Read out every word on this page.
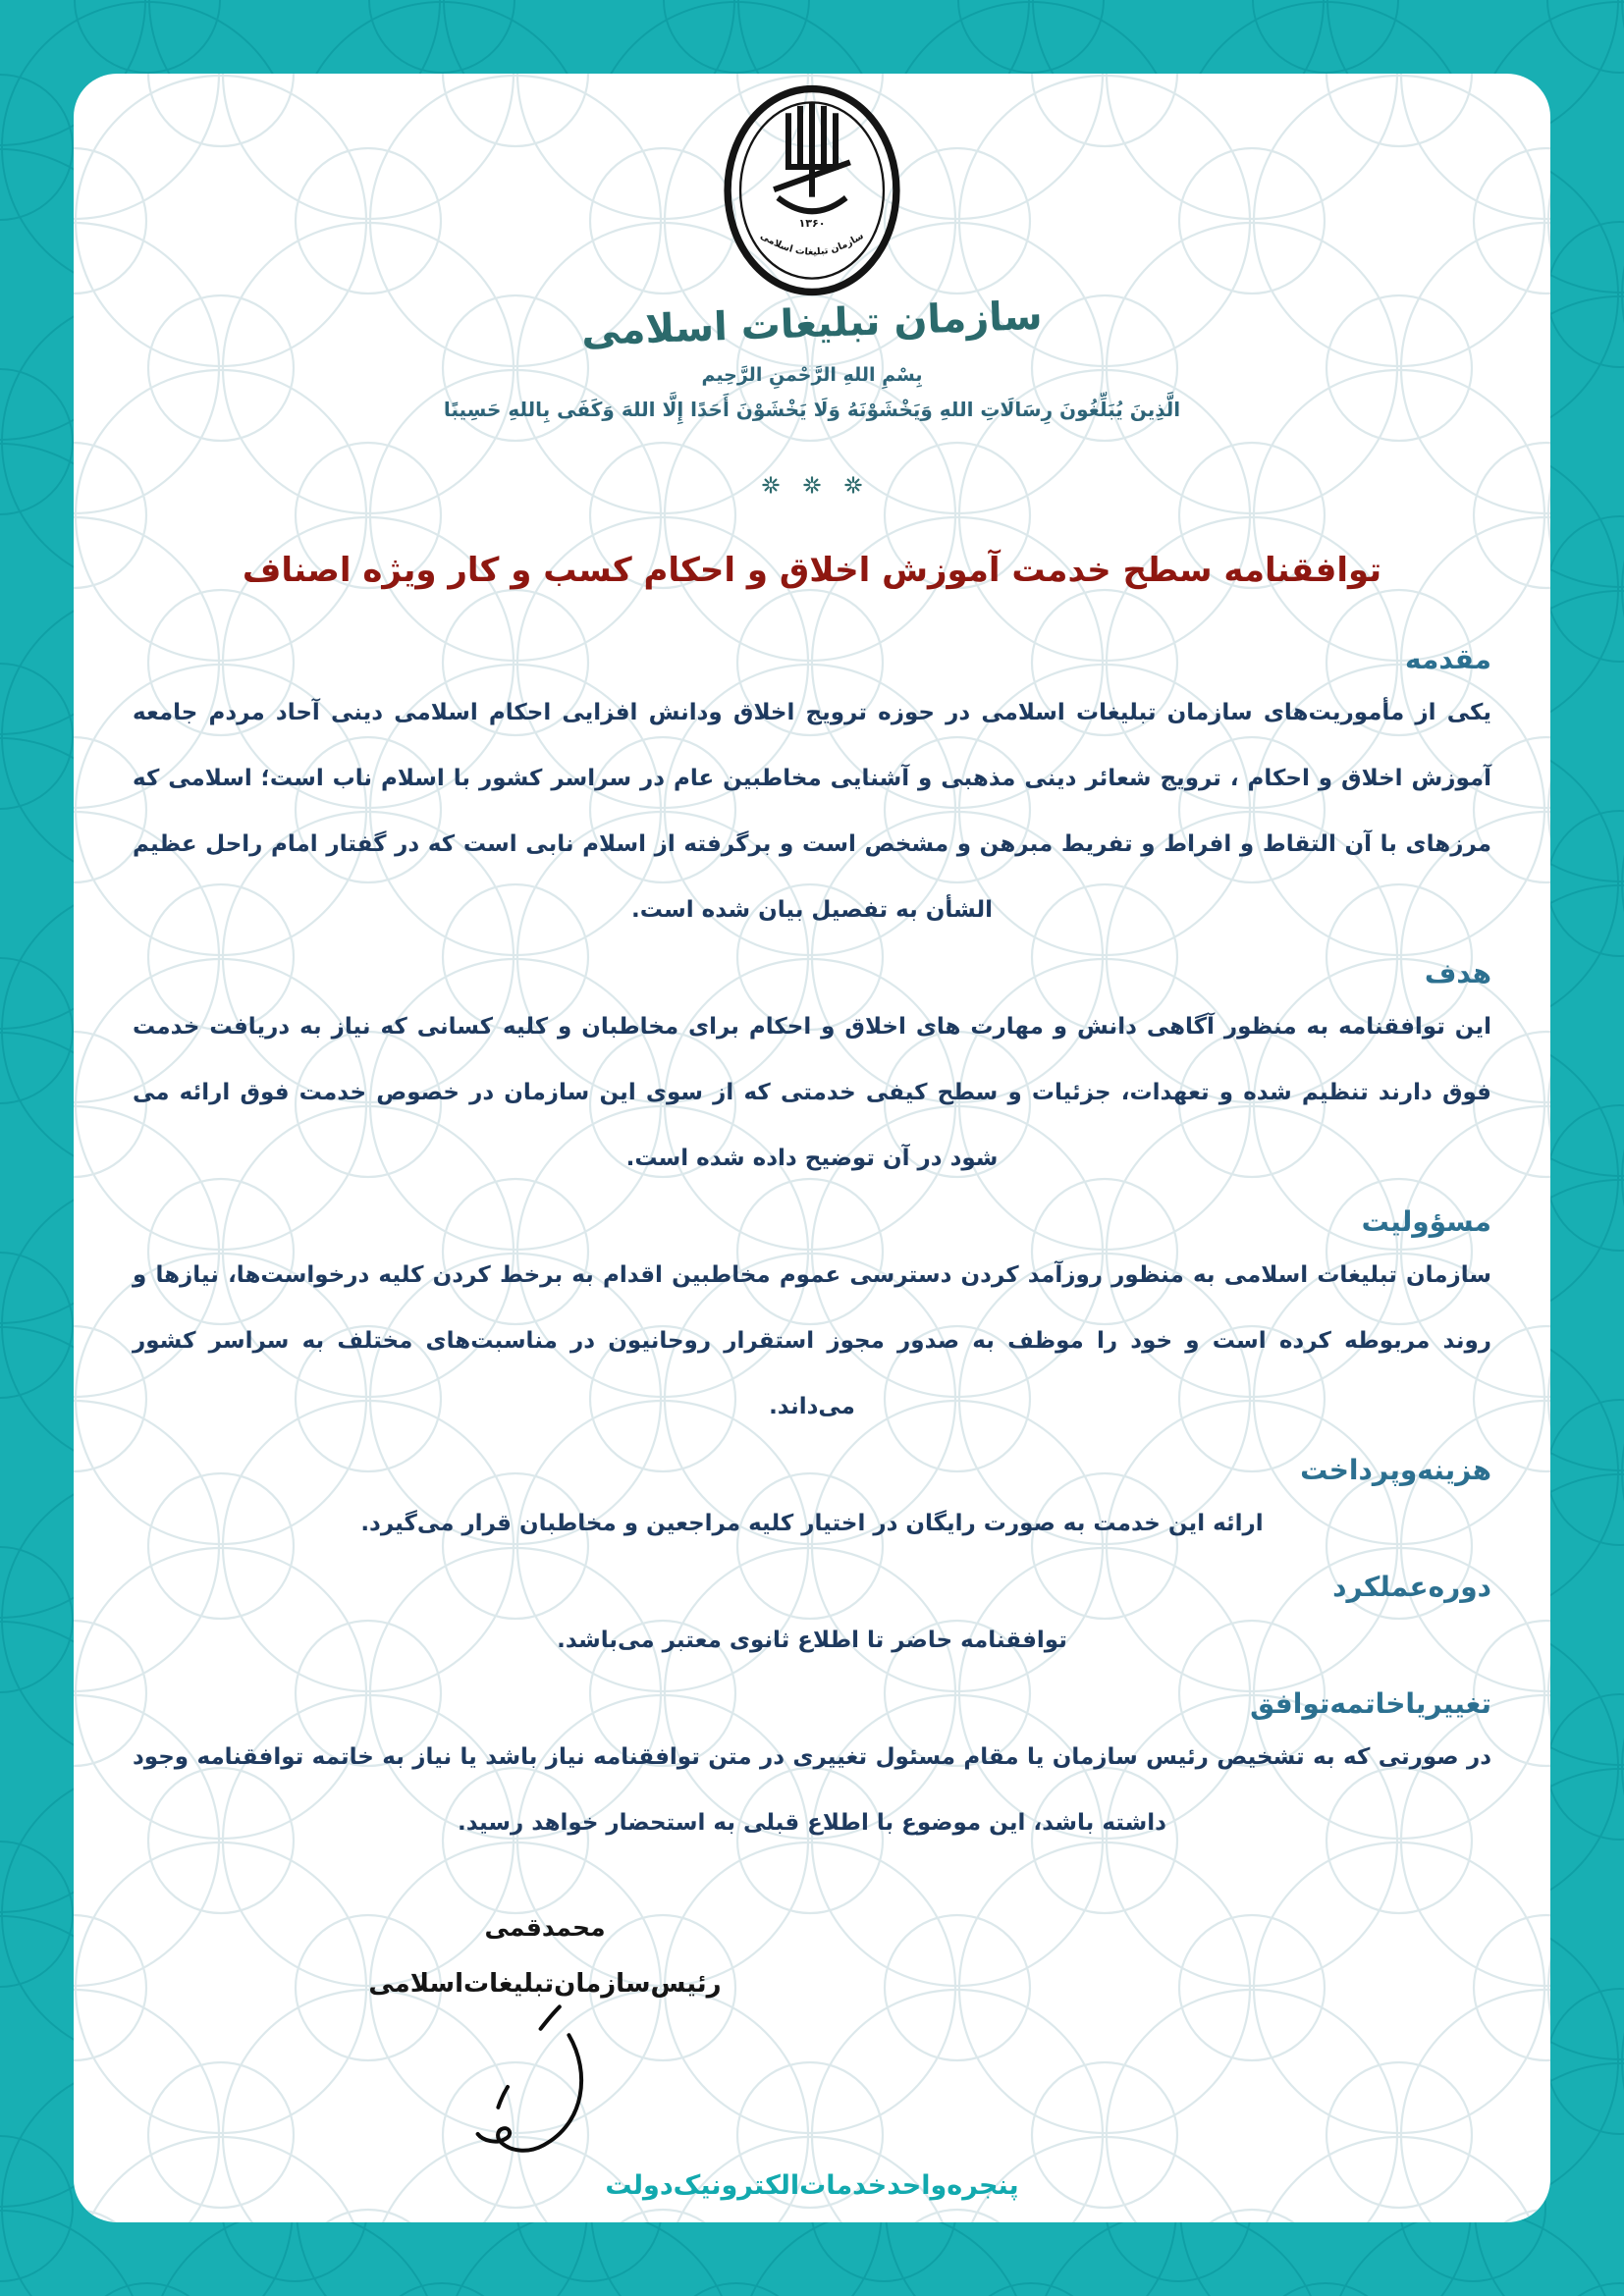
۱۳۶۰
سازمان تبلیغات اسلامی
سازمان تبلیغات اسلامی
بِسْمِ اللهِ الرَّحْمنِ الرَّحِيم
الَّذِينَ يُبَلِّغُونَ رِسَالَاتِ اللهِ وَيَخْشَوْنَهُ وَلَا يَخْشَوْنَ أَحَدًا إِلَّا اللهَ وَكَفَى بِاللهِ حَسِيبًا
توافقنامه سطح خدمت آموزش اخلاق و احکام کسب و کار ویژه اصناف
مقدمه

یکی از مأموریت‌های سازمان تبلیغات اسلامی در حوزه ترویج اخلاق ودانش افزایی احکام اسلامی دینی آحاد مردم جامعه آموزش اخلاق و احکام ، ترویج شعائر دینی مذهبی و آشنایی مخاطبین عام در سراسر کشور با اسلام ناب است؛ اسلامی که مرزهای با آن التقاط و افراط و تفریط مبرهن و مشخص است و برگرفته از اسلام نابی است که در گفتار امام راحل عظیم الشأن به تفصیل بیان شده است.

هدف

این توافقنامه به منظور آگاهی دانش و مهارت های اخلاق و احکام برای مخاطبان و کلیه کسانی که نیاز به دریافت خدمت فوق دارند تنظیم شده و تعهدات، جزئیات و سطح کیفی خدمتی که از سوی این سازمان در خصوص خدمت فوق ارائه می شود در آن توضیح داده شده است.

مسؤولیت

سازمان تبلیغات اسلامی به منظور روزآمد کردن دسترسی عموم مخاطبین اقدام به برخط کردن کلیه درخواست‌ها، نیازها و روند مربوطه کرده است و خود را موظف به صدور مجوز استقرار روحانیون در مناسبت‌های مختلف به سراسر کشور می‌داند.

هزینه‌وپرداخت

ارائه این خدمت به صورت رایگان در اختیار کلیه مراجعین و مخاطبان قرار می‌گیرد.

دوره‌عملکرد

توافقنامه حاضر تا اطلاع ثانوی معتبر می‌باشد.

تغییریاخاتمه‌توافق

در صورتی که به تشخیص رئیس سازمان یا مقام مسئول تغییری در متن توافقنامه نیاز باشد یا نیاز به خاتمه توافقنامه وجود داشته باشد، این موضوع با اطلاع قبلی به استحضار خواهد رسید.

محمدقمی
رئیس‌سازمان‌تبلیغات‌اسلامی
پنجره‌واحدخدمات‌الکترونیک‌دولت
